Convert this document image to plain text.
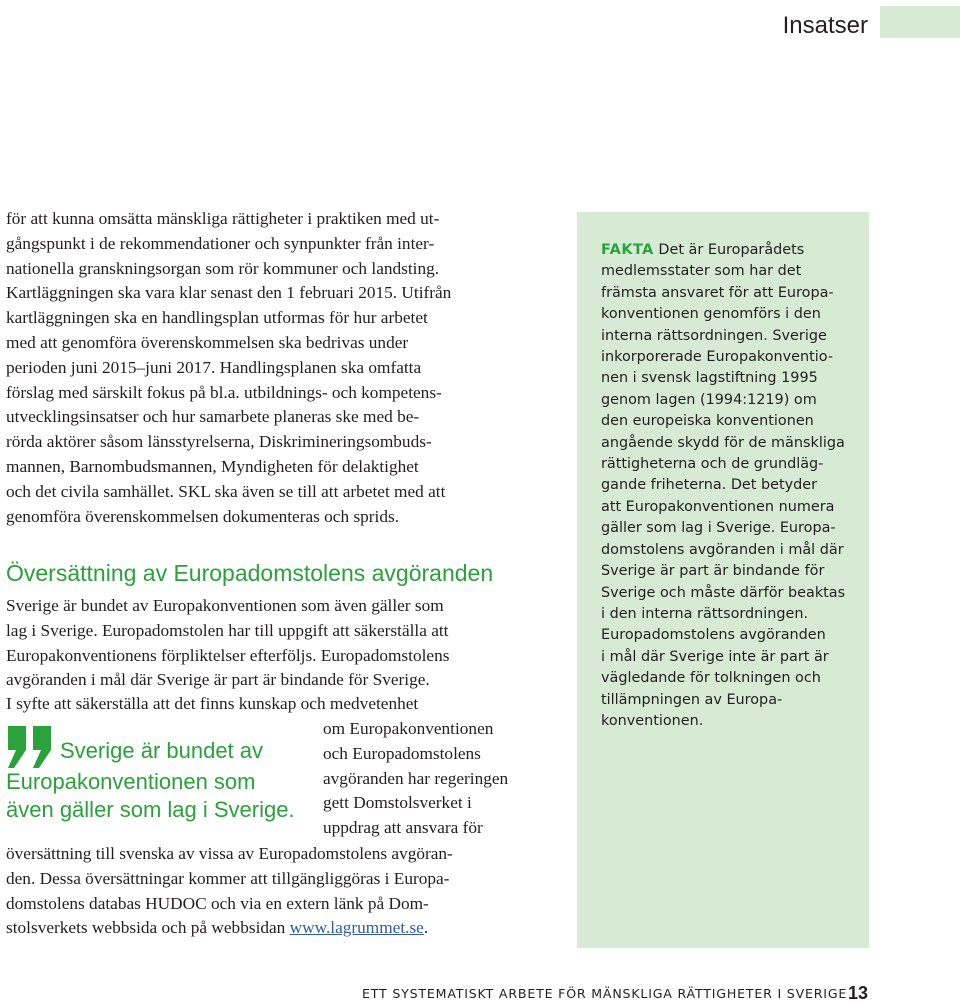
Insatser

för att kunna omsätta mänskliga rättigheter i praktiken med ut-

gångspunkt i de rekommendationer och synpunkter från inter-

nationella granskningsorgan som rör kommuner och landsting.

Kartläggningen ska vara klar senast den 1 februari 2015. Utifrån

kartläggningen ska en handlingsplan utformas för hur arbetet

med att genomföra överenskommelsen ska bedrivas under

perioden juni 2015–juni 2017. Handlingsplanen ska omfatta

förslag med särskilt fokus på bl.a. utbildnings- och kompetens-

utvecklingsinsatser och hur samarbete planeras ske med be-

rörda aktörer såsom länsstyrelserna, Diskrimineringsombuds-

mannen, Barnombudsmannen, Myndigheten för delaktighet

och det civila samhället. SKL ska även se till att arbetet med att

genomföra överenskommelsen dokumenteras och sprids.

Översättning av Europadomstolens avgöranden

Sverige är bundet av Europakonventionen som även gäller som

lag i Sverige. Europadomstolen har till uppgift att säkerställa att

Europakonventionens förpliktelser efterföljs. Europadomstolens

avgöranden i mål där Sverige är part är bindande för Sverige.

I syfte att säkerställa att det finns kunskap och medvetenhet

om Europakonventionen

och Europadomstolens

avgöranden har regeringen

gett Domstolsverket i

uppdrag att ansvara för

Sverige är bundet av
Europakonventionen som
även gäller som lag i Sverige.

översättning till svenska av vissa av Europadomstolens avgöran-

den. Dessa översättningar kommer att tillgängliggöras i Europa-

domstolens databas HUDOC och via en extern länk på Dom-

stolsverkets webbsida och på webbsidan www.lagrummet.se.

FAKTA Det är Europarådets
medlemsstater som har det
främsta ansvaret för att Europa-
konventionen genomförs i den
interna rättsordningen. Sverige
inkorporerade Europakonventio-
nen i svensk lagstiftning 1995
genom lagen (1994:1219) om
den europeiska konventionen
angående skydd för de mänskliga
rättigheterna och de grundläg-
gande friheterna. Det betyder
att Europakonventionen numera
gäller som lag i Sverige. Europa-
domstolens avgöranden i mål där
Sverige är part är bindande för
Sverige och måste därför beaktas
i den interna rättsordningen.
Europadomstolens avgöranden
i mål där Sverige inte är part är
vägledande för tolkningen och
tillämpningen av Europa-
konventionen.
ETT SYSTEMATISKT ARBETE FÖR MÄNSKLIGA RÄTTIGHETER I SVERIGE 13
